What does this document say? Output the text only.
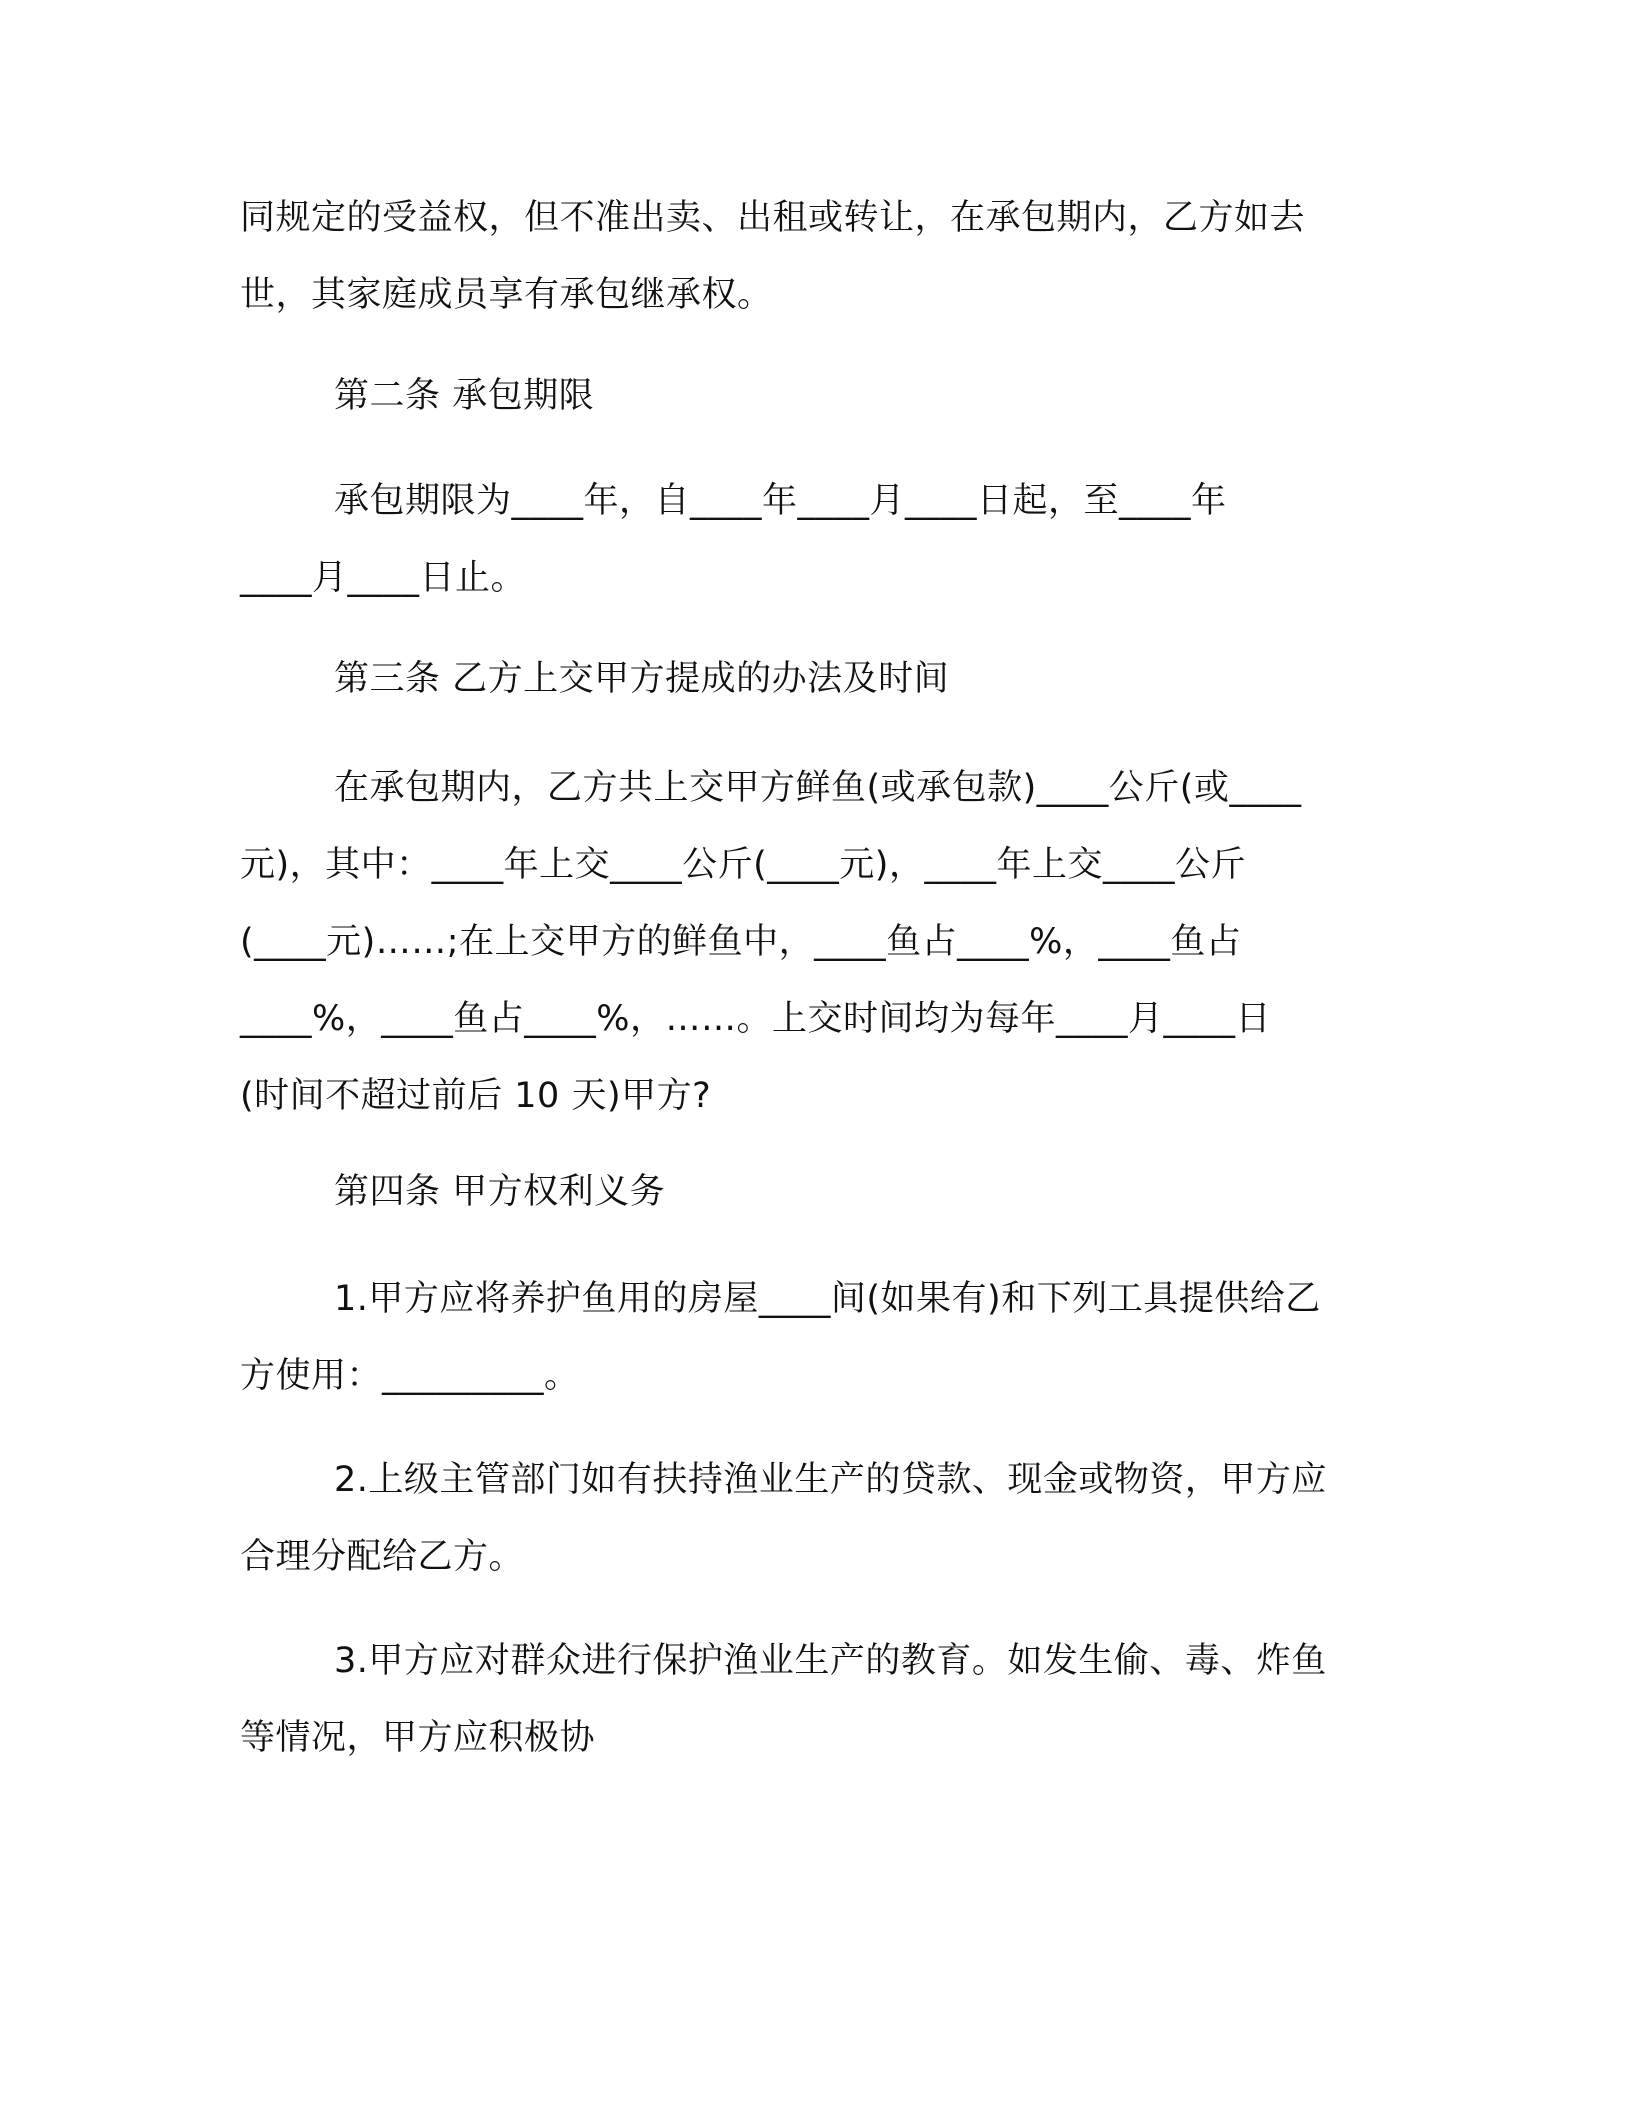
同规定的受益权，但不准出卖、出租或转让，在承包期内，乙方如去
世，其家庭成员享有承包继承权。
第二条 承包期限
承包期限为____年，自____年____月____日起，至____年
____月____日止。
第三条 乙方上交甲方提成的办法及时间
在承包期内，乙方共上交甲方鲜鱼(或承包款)____公斤(或____
元)，其中：____年上交____公斤(____元)，____年上交____公斤
(____元)……;在上交甲方的鲜鱼中，____鱼占____%，____鱼占
____%，____鱼占____%，……。上交时间均为每年____月____日
(时间不超过前后 10 天)甲方?
第四条 甲方权利义务
1.甲方应将养护鱼用的房屋____间(如果有)和下列工具提供给乙
方使用：_________。
2.上级主管部门如有扶持渔业生产的贷款、现金或物资，甲方应
合理分配给乙方。
3.甲方应对群众进行保护渔业生产的教育。如发生偷、毒、炸鱼
等情况，甲方应积极协
